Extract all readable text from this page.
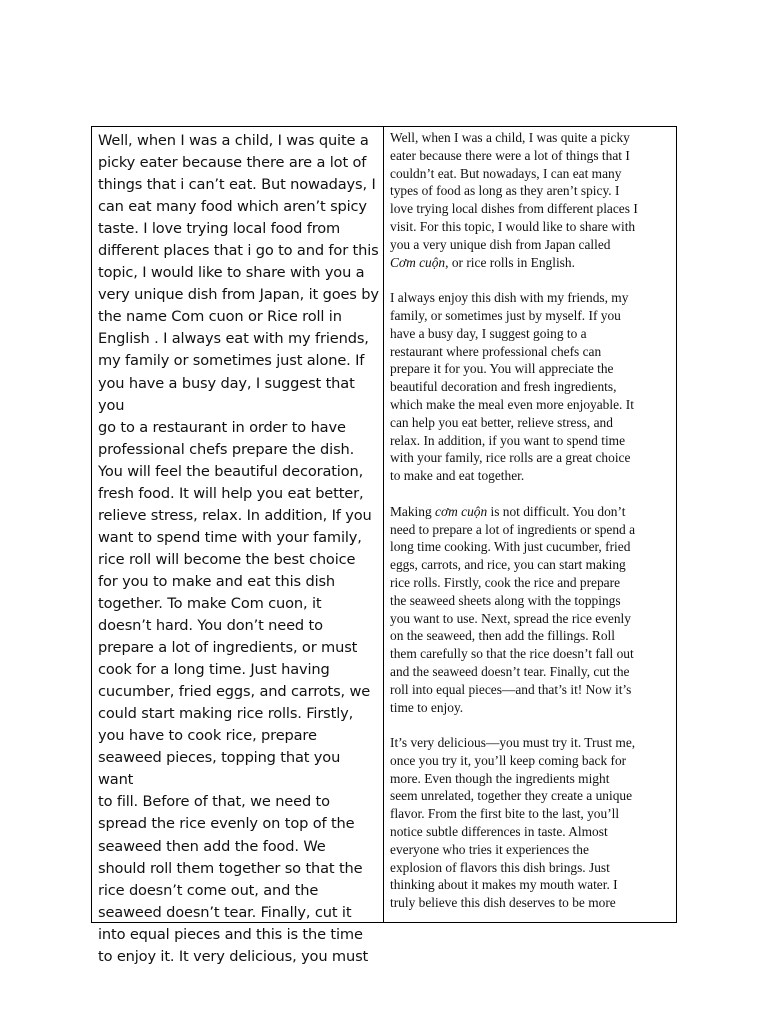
Well, when I was a child, I was quite a
picky eater because there are a lot of
things that i can’t eat. But nowadays, I
can eat many food which aren’t spicy
taste. I love trying local food from
different places that i go to and for this
topic, I would like to share with you a
very unique dish from Japan, it goes by
the name Com cuon or Rice roll in
English . I always eat with my friends,
my family or sometimes just alone. If
you have a busy day, I suggest that you
go to a restaurant in order to have
professional chefs prepare the dish.
You will feel the beautiful decoration,
fresh food. It will help you eat better,
relieve stress, relax. In addition, If you
want to spend time with your family,
rice roll will become the best choice
for you to make and eat this dish
together. To make Com cuon, it
doesn’t hard. You don’t need to
prepare a lot of ingredients, or must
cook for a long time. Just having
cucumber, fried eggs, and carrots, we
could start making rice rolls. Firstly,
you have to cook rice, prepare
seaweed pieces, topping that you want
to fill. Before of that, we need to
spread the rice evenly on top of the
seaweed then add the food. We
should roll them together so that the
rice doesn’t come out, and the
seaweed doesn’t tear. Finally, cut it
into equal pieces and this is the time
to enjoy it. It very delicious, you must

Well, when I was a child, I was quite a picky
eater because there were a lot of things that I
couldn’t eat. But nowadays, I can eat many
types of food as long as they aren’t spicy. I
love trying local dishes from different places I
visit. For this topic, I would like to share with
you a very unique dish from Japan called
Cơm cuộn, or rice rolls in English.

I always enjoy this dish with my friends, my
family, or sometimes just by myself. If you
have a busy day, I suggest going to a
restaurant where professional chefs can
prepare it for you. You will appreciate the
beautiful decoration and fresh ingredients,
which make the meal even more enjoyable. It
can help you eat better, relieve stress, and
relax. In addition, if you want to spend time
with your family, rice rolls are a great choice
to make and eat together.

Making cơm cuộn is not difficult. You don’t
need to prepare a lot of ingredients or spend a
long time cooking. With just cucumber, fried
eggs, carrots, and rice, you can start making
rice rolls. Firstly, cook the rice and prepare
the seaweed sheets along with the toppings
you want to use. Next, spread the rice evenly
on the seaweed, then add the fillings. Roll
them carefully so that the rice doesn’t fall out
and the seaweed doesn’t tear. Finally, cut the
roll into equal pieces—and that’s it! Now it’s
time to enjoy.

It’s very delicious—you must try it. Trust me,
once you try it, you’ll keep coming back for
more. Even though the ingredients might
seem unrelated, together they create a unique
flavor. From the first bite to the last, you’ll
notice subtle differences in taste. Almost
everyone who tries it experiences the
explosion of flavors this dish brings. Just
thinking about it makes my mouth water. I
truly believe this dish deserves to be more
